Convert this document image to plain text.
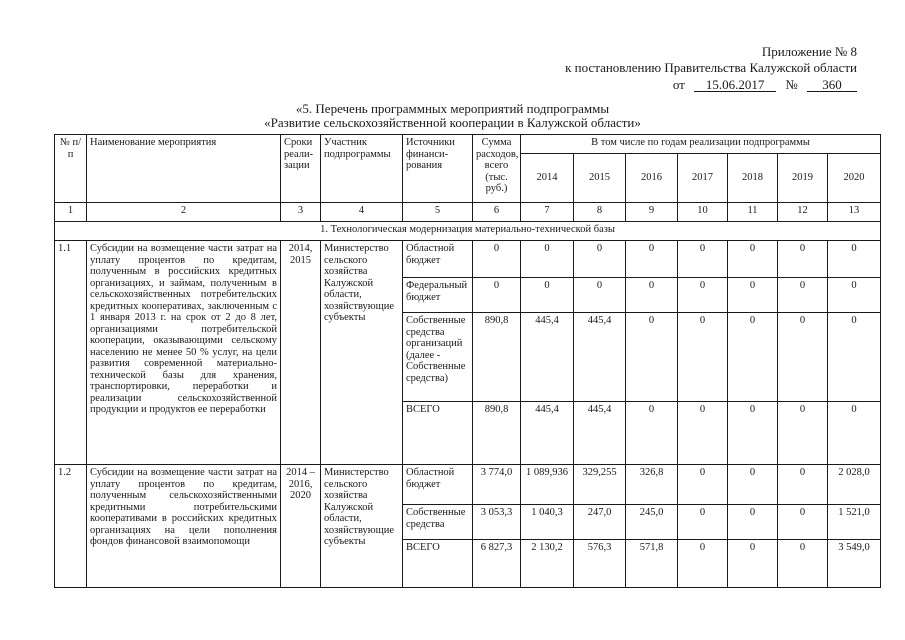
Приложение № 8
к постановлению Правительства Калужской области
от 15.06.2017 № 360
«5. Перечень программных мероприятий подпрограммы
«Развитие сельскохозяйственной кооперации в Калужской области»
№ п/п	Наименование мероприятия	Сроки реали-зации	Участник подпрограммы	Источники финанси-рования	Сумма расходов, всего (тыс. руб.)	В том числе по годам реализации подпрограммы						
						2014	2015	2016	2017	2018	2019	2020
1	2	3	4	5	6	7	8	9	10	11	12	13
1. Технологическая модернизация материально-технической базы												
1.1	Субсидии на возмещение части затрат на уплату процентов по кредитам, полученным в российских кредитных организациях, и займам, полученным в сельскохозяйственных потребительских кредитных кооперативах, заключенным с 1 января 2013 г. на срок от 2 до 8 лет, организациями потребительской кооперации, оказывающими сельскому населению не менее 50 % услуг, на цели развития современной материально-технической базы для хранения, транспортировки, переработки и реализации сельскохозяйственной продукции и продуктов ее переработки	2014, 2015	Министерство сельского хозяйства Калужской области, хозяйствующие субъекты	Областной бюджет	0	0	0	0	0	0	0	0
				Федеральный бюджет	0	0	0	0	0	0	0	0
				Собственные средства организаций (далее - Собственные средства)	890,8	445,4	445,4	0	0	0	0	0
				ВСЕГО	890,8	445,4	445,4	0	0	0	0	0
1.2	Субсидии на возмещение части затрат на уплату процентов по кредитам, полученным сельскохозяйственными кредитными потребительскими кооперативами в российских кредитных организациях на цели пополнения фондов финансовой взаимопомощи	2014 – 2016, 2020	Министерство сельского хозяйства Калужской области, хозяйствующие субъекты	Областной бюджет	3 774,0	1 089,936	329,255	326,8	0	0	0	2 028,0
				Собственные средства	3 053,3	1 040,3	247,0	245,0	0	0	0	1 521,0
				ВСЕГО	6 827,3	2 130,2	576,3	571,8	0	0	0	3 549,0
